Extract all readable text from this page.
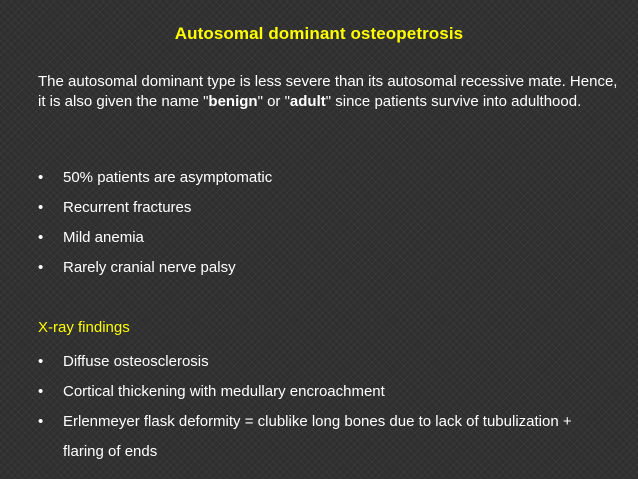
Autosomal dominant osteopetrosis
The autosomal dominant type is less severe than its autosomal recessive mate. Hence, it is also given the name "benign" or "adult" since patients survive into adulthood.
• 50% patients are asymptomatic
• Recurrent fractures
• Mild anemia
• Rarely cranial nerve palsy
X-ray findings
• Diffuse osteosclerosis
• Cortical thickening with medullary encroachment
• Erlenmeyer flask deformity = clublike long bones due to lack of tubulization + flaring of ends
